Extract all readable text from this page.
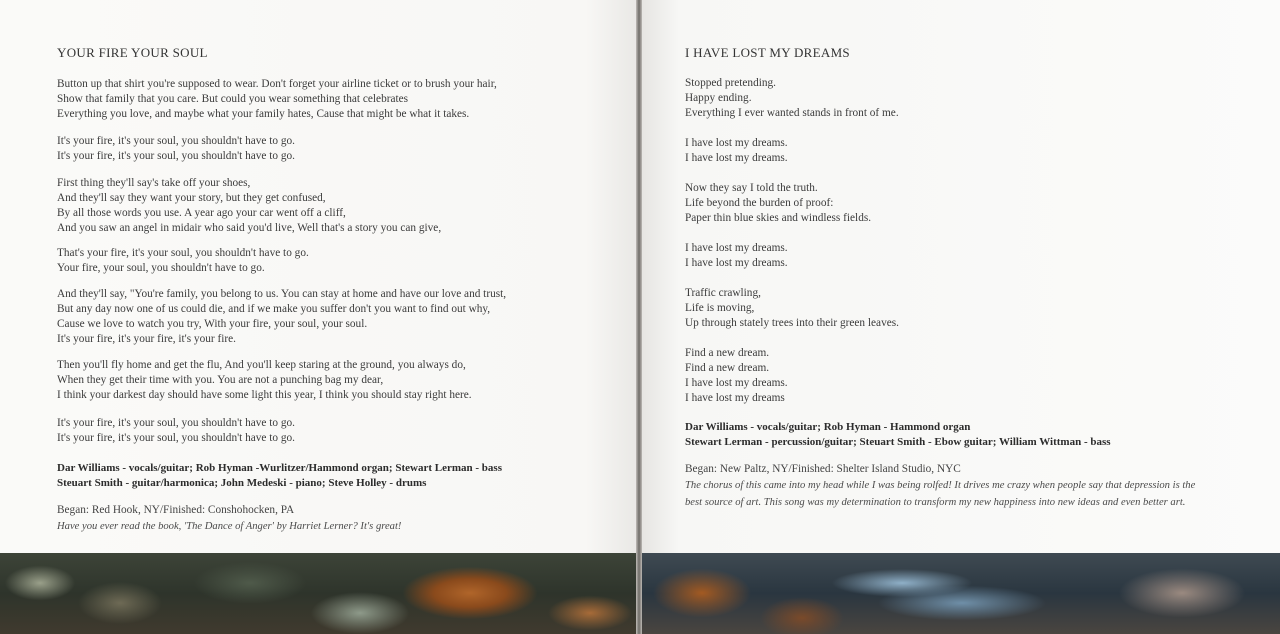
YOUR FIRE YOUR SOUL

Button up that shirt you're supposed to wear. Don't forget your airline ticket or to brush your hair,
Show that family that you care. But could you wear something that celebrates
Everything you love, and maybe what your family hates, Cause that might be what it takes.

It's your fire, it's your soul, you shouldn't have to go.
It's your fire, it's your soul, you shouldn't have to go.

First thing they'll say's take off your shoes,
And they'll say they want your story, but they get confused,
By all those words you use. A year ago your car went off a cliff,
And you saw an angel in midair who said you'd live, Well that's a story you can give,

That's your fire, it's your soul, you shouldn't have to go.
Your fire, your soul, you shouldn't have to go.

And they'll say, "You're family, you belong to us. You can stay at home and have our love and trust,
But any day now one of us could die, and if we make you suffer don't you want to find out why,
Cause we love to watch you try, With your fire, your soul, your soul.
It's your fire, it's your fire, it's your fire.

Then you'll fly home and get the flu, And you'll keep staring at the ground, you always do,
When they get their time with you. You are not a punching bag my dear,
I think your darkest day should have some light this year, I think you should stay right here.

It's your fire, it's your soul, you shouldn't have to go.
It's your fire, it's your soul, you shouldn't have to go.

Dar Williams - vocals/guitar; Rob Hyman -Wurlitzer/Hammond organ; Stewart Lerman - bass
Steuart Smith - guitar/harmonica; John Medeski - piano; Steve Holley - drums

Began: Red Hook, NY/Finished: Conshohocken, PA
Have you ever read the book, 'The Dance of Anger' by Harriet Lerner? It's great!

I HAVE LOST MY DREAMS

Stopped pretending.
Happy ending.
Everything I ever wanted stands in front of me.

I have lost my dreams.
I have lost my dreams.

Now they say I told the truth.
Life beyond the burden of proof:
Paper thin blue skies and windless fields.

I have lost my dreams.
I have lost my dreams.

Traffic crawling,
Life is moving,
Up through stately trees into their green leaves.

Find a new dream.
Find a new dream.
I have lost my dreams.
I have lost my dreams

Dar Williams - vocals/guitar; Rob Hyman - Hammond organ
Stewart Lerman - percussion/guitar; Steuart Smith - Ebow guitar; William Wittman - bass

Began: New Paltz, NY/Finished: Shelter Island Studio, NYC
The chorus of this came into my head while I was being rolfed! It drives me crazy when people say that depression is the
best source of art. This song was my determination to transform my new happiness into new ideas and even better art.
